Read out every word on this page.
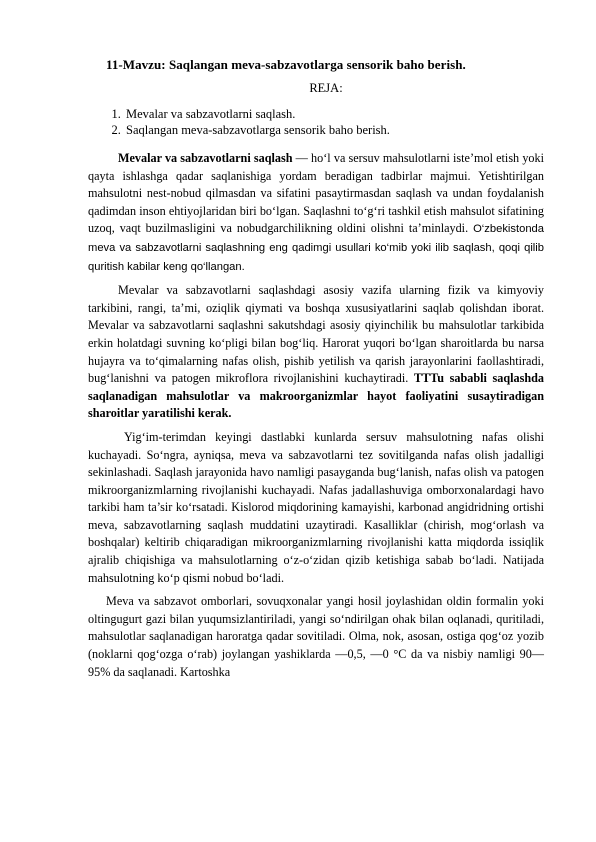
11-Mavzu: Saqlangan meva-sabzavotlarga sensorik baho berish.
REJA:
1. Mevalar va sabzavotlarni saqlash.
2. Saqlangan meva-sabzavotlarga sensorik baho berish.

Mevalar va sabzavotlarni saqlash — ho‘l va sersuv mahsulotlarni iste’mol etish yoki qayta ishlashga qadar saqlanishiga yordam beradigan tadbirlar majmui. Yetishtirilgan mahsulotni nest-nobud qilmasdan va sifatini pasaytirmasdan saqlash va undan foydalanish qadimdan inson ehtiyojlaridan biri bo‘lgan. Saqlashni to‘g‘ri tashkil etish mahsulot sifatining uzoq, vaqt buzilmasligini va nobudgarchilikning oldini olishni ta’minlaydi. O‘zbekistonda meva va sabzavotlarni saqlashning eng qadimgi usullari ko‘mib yoki ilib saqlash, qoqi qilib quritish kabilar keng qo‘llangan.

Mevalar va sabzavotlarni saqlashdagi asosiy vazifa ularning fizik va kimyoviy tarkibini, rangi, ta’mi, oziqlik qiymati va boshqa xususiyatlarini saqlab qolishdan iborat. Mevalar va sabzavotlarni saqlashni sakutshdagi asosiy qiyinchilik bu mahsulotlar tarkibida erkin holatdagi suvning ko‘pligi bilan bog‘liq. Harorat yuqori bo‘lgan sharoitlarda bu narsa hujayra va to‘qimalarning nafas olish, pishib yetilish va qarish jarayonlarini faollashtiradi, bug‘lanishni va patogen mikroflora rivojlanishini kuchaytiradi. TTTu sababli saqlashda saqlanadigan mahsulotlar va makroorganizmlar hayot faoliyatini susaytiradigan sharoitlar yaratilishi kerak.

Yig‘im-terimdan keyingi dastlabki kunlarda sersuv mahsulotning nafas olishi kuchayadi. So‘ngra, ayniqsa, meva va sabzavotlarni tez sovitilganda nafas olish jadalligi sekinlashadi. Saqlash jarayonida havo namligi pasayganda bug‘lanish, nafas olish va patogen mikroorganizmlarning rivojlanishi kuchayadi. Nafas jadallashuviga omborxonalardagi havo tarkibi ham ta’sir ko‘rsatadi. Kislorod miqdorining kamayishi, karbonad angidridning ortishi meva, sabzavotlarning saqlash muddatini uzaytiradi. Kasalliklar (chirish, mog‘orlash va boshqalar) keltirib chiqaradigan mikroorganizmlarning rivojlanishi katta miqdorda issiqlik ajralib chiqishiga va mahsulotlarning o‘z-o‘zidan qizib ketishiga sabab bo‘ladi. Natijada mahsulotning ko‘p qismi nobud bo‘ladi.

Meva va sabzavot omborlari, sovuqxonalar yangi hosil joylashidan oldin formalin yoki oltingugurt gazi bilan yuqumsizlantiriladi, yangi so‘ndirilgan ohak bilan oqlanadi, quritiladi, mahsulotlar saqlanadigan haroratga qadar sovitiladi. Olma, nok, asosan, ostiga qog‘oz yozib (noklarni qog‘ozga o‘rab) joylangan yashiklarda —0,5, —0 °C da va nisbiy namligi 90—95% da saqlanadi. Kartoshka
